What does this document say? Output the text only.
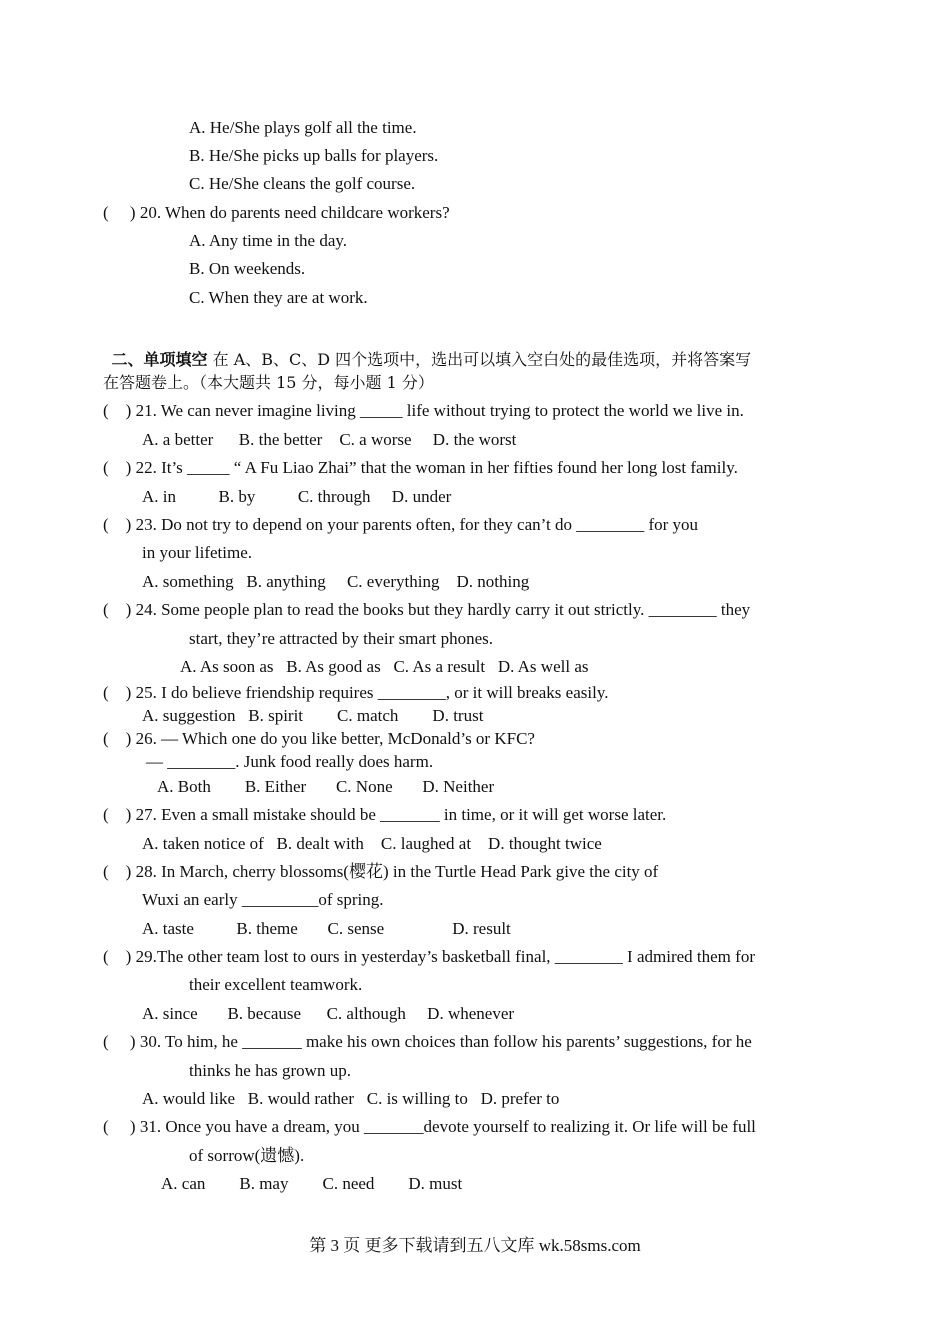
A. He/She plays golf all the time.
B. He/She picks up balls for players.
C. He/She cleans the golf course.
(     ) 20. When do parents need childcare workers?
A. Any time in the day.
B. On weekends.
C. When they are at work.

二、单项填空 在 A、B、C、D 四个选项中，选出可以填入空白处的最佳选项，并将答案写

在答题卷上。（本大题共 15 分，每小题 1 分）
(    ) 21. We can never imagine living _____ life without trying to protect the world we live in.
A. a better      B. the better    C. a worse     D. the worst
(    ) 22. It’s _____ “ A Fu Liao Zhai” that the woman in her fifties found her long lost family.
A. in          B. by          C. through     D. under
(    ) 23. Do not try to depend on your parents often, for they can’t do ________ for you
in your lifetime.
A. something   B. anything     C. everything    D. nothing
(    ) 24. Some people plan to read the books but they hardly carry it out strictly. ________ they
start, they’re attracted by their smart phones.
A. As soon as   B. As good as   C. As a result   D. As well as
(    ) 25. I do believe friendship requires ________, or it will breaks easily.
A. suggestion   B. spirit        C. match        D. trust
(    ) 26. — Which one do you like better, McDonald’s or KFC?
— ________. Junk food really does harm.
A. Both        B. Either       C. None       D. Neither
(    ) 27. Even a small mistake should be _______ in time, or it will get worse later.
A. taken notice of   B. dealt with    C. laughed at    D. thought twice
(    ) 28. In March, cherry blossoms(樱花) in the Turtle Head Park give the city of
Wuxi an early _________of spring.
A. taste          B. theme       C. sense                D. result
(    ) 29.The other team lost to ours in yesterday’s basketball final, ________ I admired them for
their excellent teamwork.
A. since       B. because      C. although     D. whenever
(     ) 30. To him, he _______ make his own choices than follow his parents’ suggestions, for he
thinks he has grown up.
A. would like   B. would rather   C. is willing to   D. prefer to
(     ) 31. Once you have a dream, you _______devote yourself to realizing it. Or life will be full
of sorrow(遗憾).
A. can        B. may        C. need        D. must
第 3 页 更多下载请到五八文库 wk.58sms.com
